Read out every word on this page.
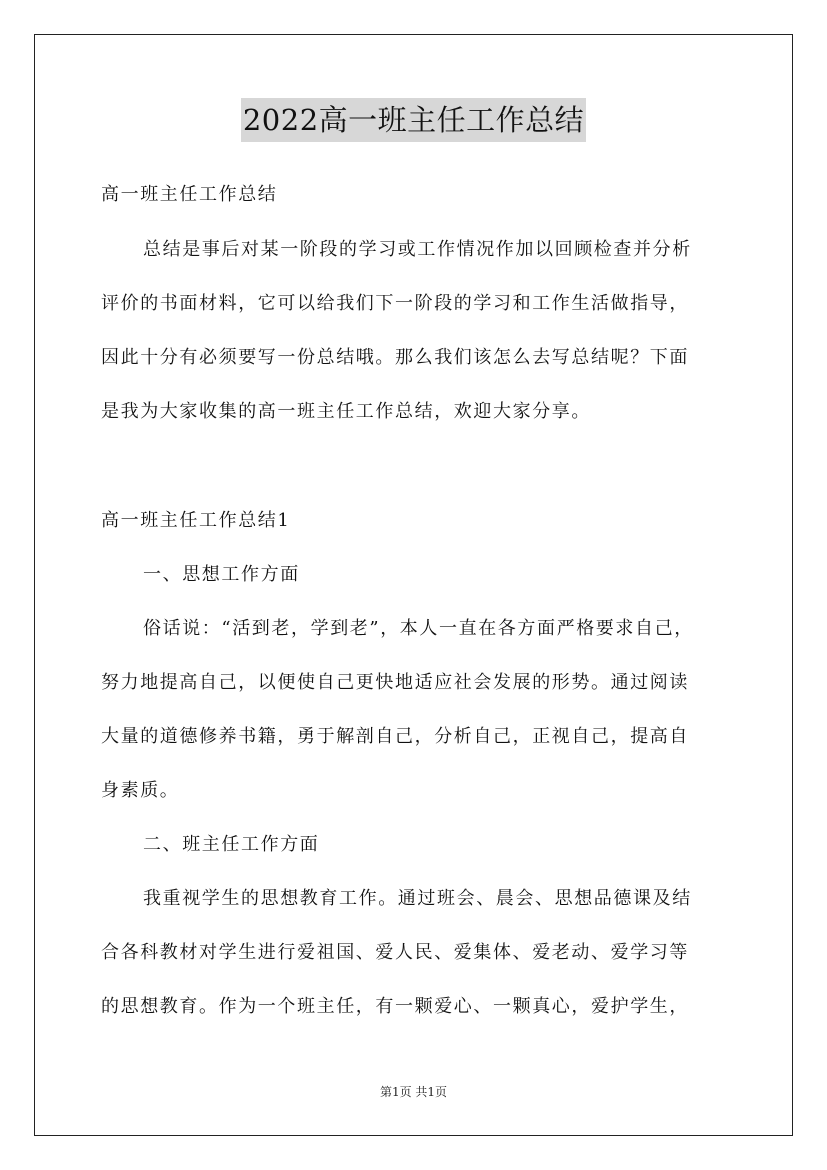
2022高一班主任工作总结
高一班主任工作总结
总结是事后对某一阶段的学习或工作情况作加以回顾检查并分析
评价的书面材料，它可以给我们下一阶段的学习和工作生活做指导，
因此十分有必须要写一份总结哦。那么我们该怎么去写总结呢？下面
是我为大家收集的高一班主任工作总结，欢迎大家分享。
高一班主任工作总结1
一、思想工作方面
俗话说：“活到老，学到老”，本人一直在各方面严格要求自己，
努力地提高自己，以便使自己更快地适应社会发展的形势。通过阅读
大量的道德修养书籍，勇于解剖自己，分析自己，正视自己，提高自
身素质。
二、班主任工作方面
我重视学生的思想教育工作。通过班会、晨会、思想品德课及结
合各科教材对学生进行爱祖国、爱人民、爱集体、爱老动、爱学习等
的思想教育。作为一个班主任，有一颗爱心、一颗真心，爱护学生，
第1页 共1页
